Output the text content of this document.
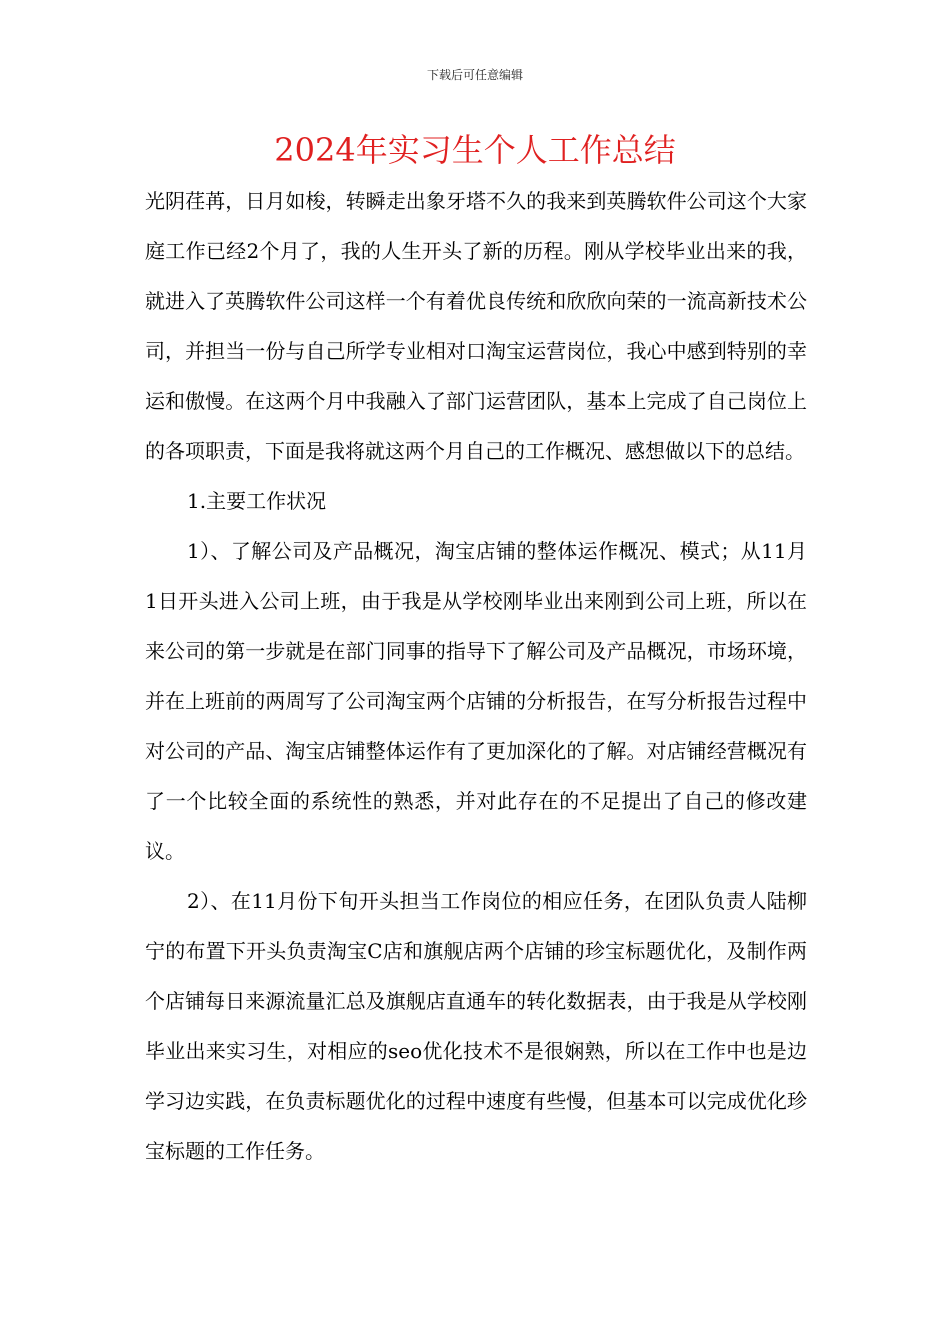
下载后可任意编辑
2024年实习生个人工作总结

光阴荏苒，日月如梭，转瞬走出象牙塔不久的我来到英腾软件公司这个大家庭工作已经2个月了，我的人生开头了新的历程。刚从学校毕业出来的我，就进入了英腾软件公司这样一个有着优良传统和欣欣向荣的一流高新技术公司，并担当一份与自己所学专业相对口淘宝运营岗位，我心中感到特别的幸运和傲慢。在这两个月中我融入了部门运营团队，基本上完成了自己岗位上的各项职责，下面是我将就这两个月自己的工作概况、感想做以下的总结。

1.主要工作状况

1）、了解公司及产品概况，淘宝店铺的整体运作概况、模式；从11月1日开头进入公司上班，由于我是从学校刚毕业出来刚到公司上班，所以在来公司的第一步就是在部门同事的指导下了解公司及产品概况，市场环境，并在上班前的两周写了公司淘宝两个店铺的分析报告，在写分析报告过程中对公司的产品、淘宝店铺整体运作有了更加深化的了解。对店铺经营概况有了一个比较全面的系统性的熟悉，并对此存在的不足提出了自己的修改建议。

2）、在11月份下旬开头担当工作岗位的相应任务，在团队负责人陆柳宁的布置下开头负责淘宝C店和旗舰店两个店铺的珍宝标题优化，及制作两个店铺每日来源流量汇总及旗舰店直通车的转化数据表，由于我是从学校刚毕业出来实习生，对相应的seo优化技术不是很娴熟，所以在工作中也是边学习边实践，在负责标题优化的过程中速度有些慢，但基本可以完成优化珍宝标题的工作任务。
